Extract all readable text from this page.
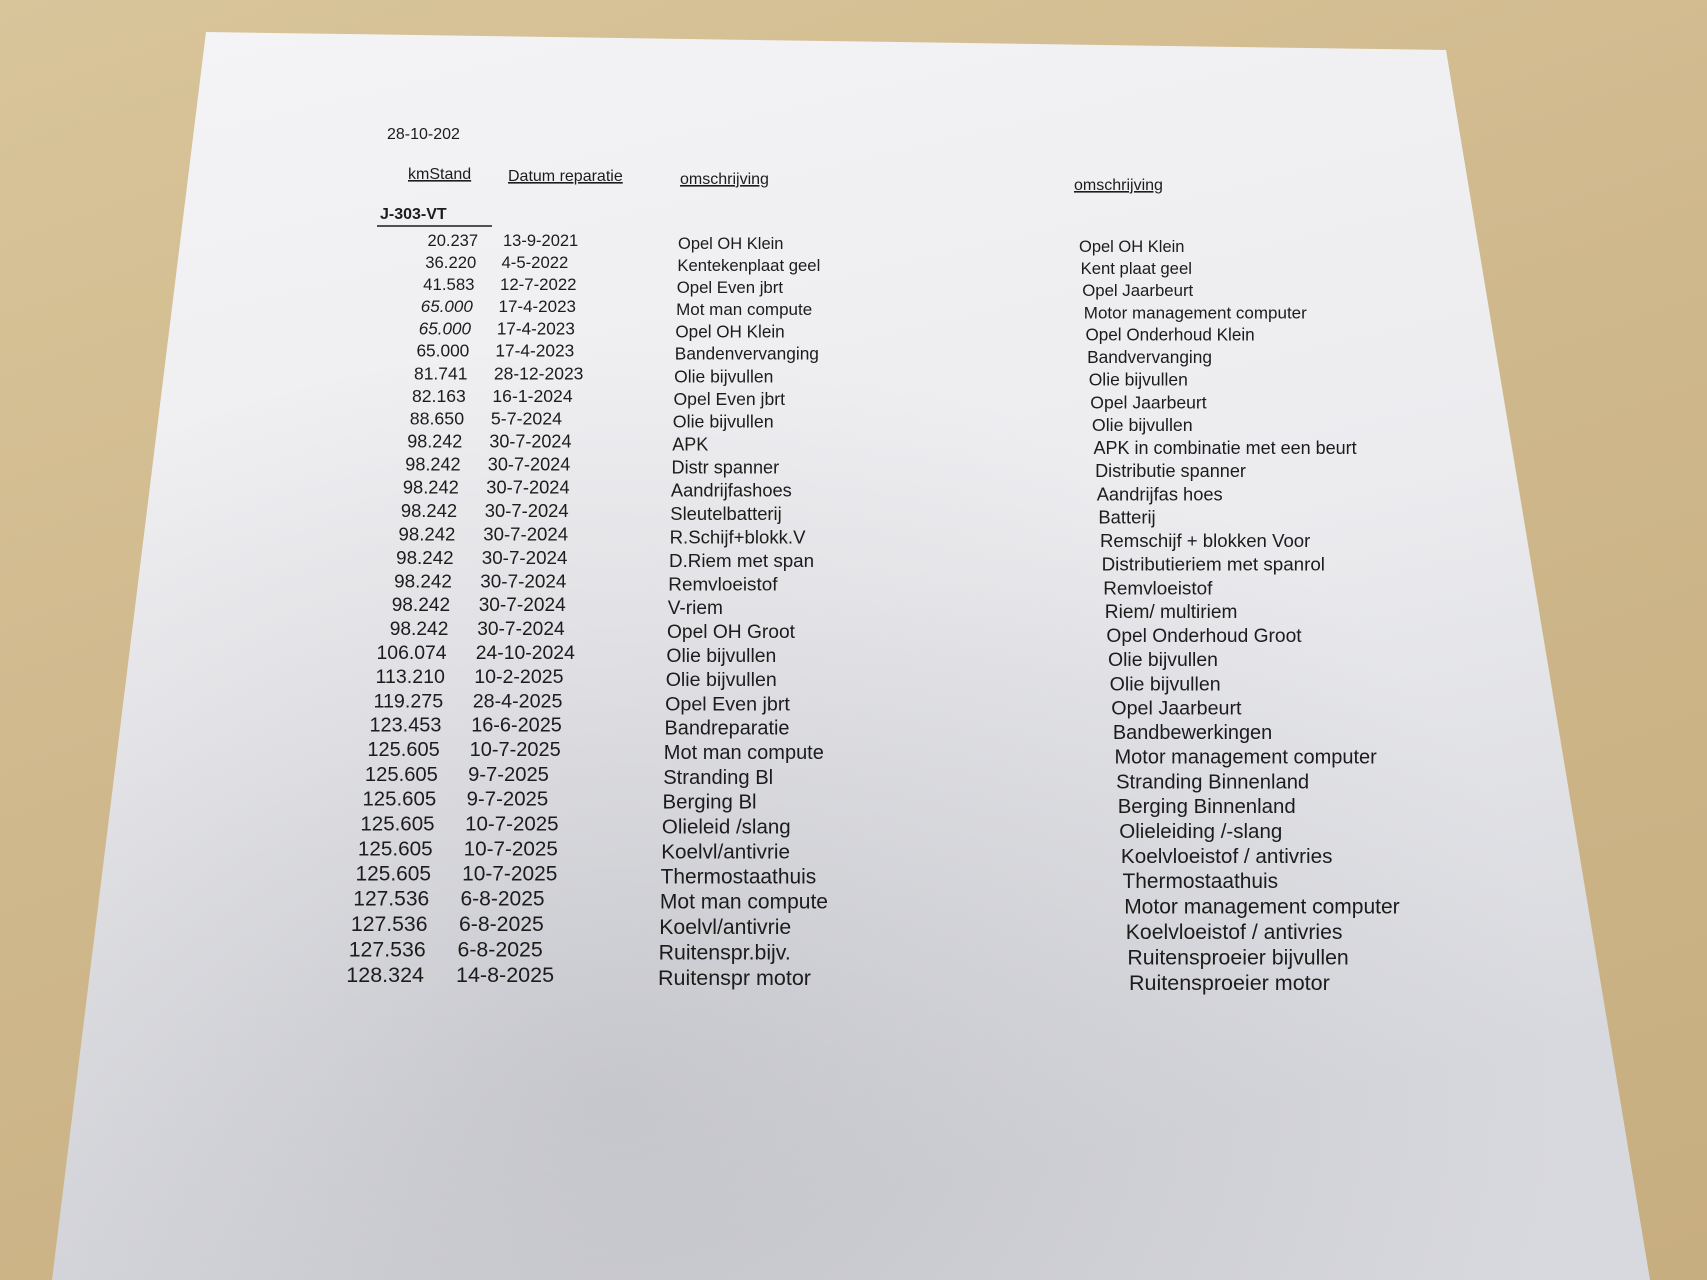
28-10-202
kmStand Datum reparatie	omschrijving	omschrijving
J-303-VT
20.237 13-9-2021	Opel OH Klein	Opel OH Klein
36.220 4-5-2022	Kentekenplaat geel	Kent plaat geel
41.583 12-7-2022	Opel Even jbrt	Opel Jaarbeurt
65.000 17-4-2023	Mot man compute	Motor management computer
65.000 17-4-2023	Opel OH Klein	Opel Onderhoud Klein
65.000 17-4-2023	Bandenvervanging	Bandvervanging
81.741 28-12-2023	Olie bijvullen	Olie bijvullen
82.163 16-1-2024	Opel Even jbrt	Opel Jaarbeurt
88.650 5-7-2024	Olie bijvullen	Olie bijvullen
98.242 30-7-2024	APK	APK in combinatie met een beurt
98.242 30-7-2024	Distr spanner	Distributie spanner
98.242 30-7-2024	Aandrijfashoes	Aandrijfas hoes
98.242 30-7-2024	Sleutelbatterij	Batterij
98.242 30-7-2024	R.Schijf+blokk.V	Remschijf + blokken Voor
98.242 30-7-2024	D.Riem met span	Distributieriem met spanrol
98.242 30-7-2024	Remvloeistof	Remvloeistof
98.242 30-7-2024	V-riem	Riem/ multiriem
98.242 30-7-2024	Opel OH Groot	Opel Onderhoud Groot
106.074 24-10-2024	Olie bijvullen	Olie bijvullen
113.210 10-2-2025	Olie bijvullen	Olie bijvullen
119.275 28-4-2025	Opel Even jbrt	Opel Jaarbeurt
123.453 16-6-2025	Bandreparatie	Bandbewerkingen
125.605 10-7-2025	Mot man compute	Motor management computer
125.605 9-7-2025	Stranding Bl	Stranding Binnenland
125.605 9-7-2025	Berging Bl	Berging Binnenland
125.605 10-7-2025	Olieleid /slang	Olieleiding /-slang
125.605 10-7-2025	Koelvl/antivrie	Koelvloeistof / antivries
125.605 10-7-2025	Thermostaathuis	Thermostaathuis
127.536 6-8-2025	Mot man compute	Motor management computer
127.536 6-8-2025	Koelvl/antivrie	Koelvloeistof / antivries
127.536 6-8-2025	Ruitenspr.bijv.	Ruitensproeier bijvullen
128.324 14-8-2025	Ruitenspr motor	Ruitensproeier motor
